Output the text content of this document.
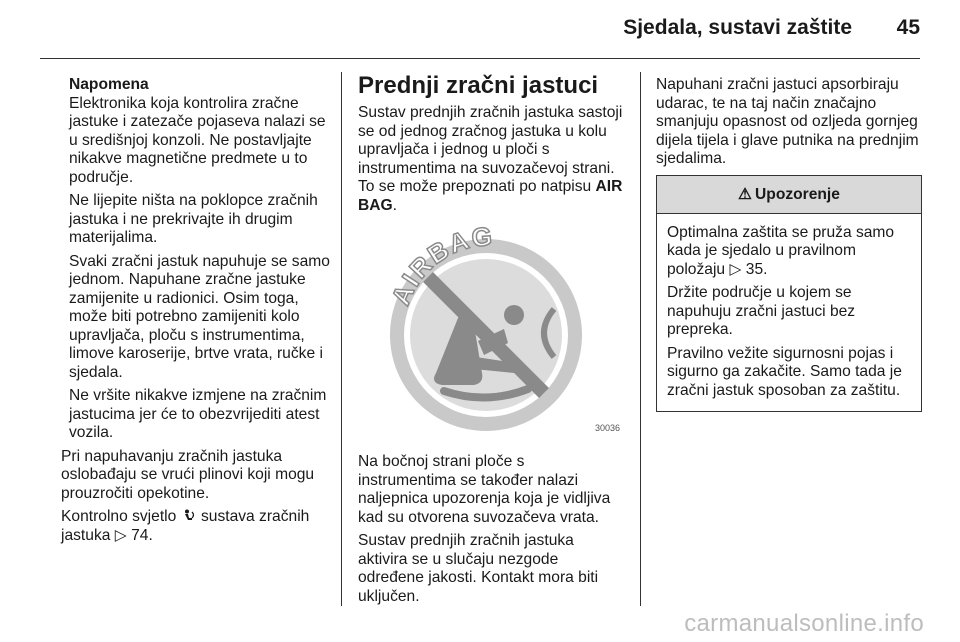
Sjedala, sustavi zaštite 45

Napomena

Elektronika koja kontrolira zračne jastuke i zatezače pojaseva nalazi se u središnjoj konzoli. Ne postavljajte nikakve magnetične predmete u to područje.

Ne lijepite ništa na poklopce zračnih jastuka i ne prekrivajte ih drugim materijalima.

Svaki zračni jastuk napuhuje se samo jednom. Napuhane zračne jastuke zamijenite u radionici. Osim toga, može biti potrebno zamijeniti kolo upravljača, ploču s instrumentima, limove karoserije, brtve vrata, ručke i sjedala.

Ne vršite nikakve izmjene na zračnim jastucima jer će to obezvrijediti atest vozila.

Pri napuhavanju zračnih jastuka oslobađaju se vrući plinovi koji mogu prouzročiti opekotine.

Kontrolno svjetlo sustava zračnih jastuka ▷ 74.

Prednji zračni jastuci

Sustav prednjih zračnih jastuka sastoji se od jednog zračnog jastuka u kolu upravljača i jednog u ploči s instrumentima na suvozačevoj strani. To se može prepoznati po natpisu AIR BAG.

AIRBAG
30036

Na bočnoj strani ploče s instrumentima se također nalazi naljepnica upozorenja koja je vidljiva kad su otvorena suvozačeva vrata.

Sustav prednjih zračnih jastuka aktivira se u slučaju nezgode određene jakosti. Kontakt mora biti uključen.

Napuhani zračni jastuci apsorbiraju udarac, te na taj način značajno smanjuju opasnost od ozljeda gornjeg dijela tijela i glave putnika na prednjim sjedalima.

⚠ Upozorenje

Optimalna zaštita se pruža samo kada je sjedalo u pravilnom položaju ▷ 35.

Držite područje u kojem se napuhuju zračni jastuci bez prepreka.

Pravilno vežite sigurnosni pojas i sigurno ga zakačite. Samo tada je zračni jastuk sposoban za zaštitu.

carmanualsonline.info
